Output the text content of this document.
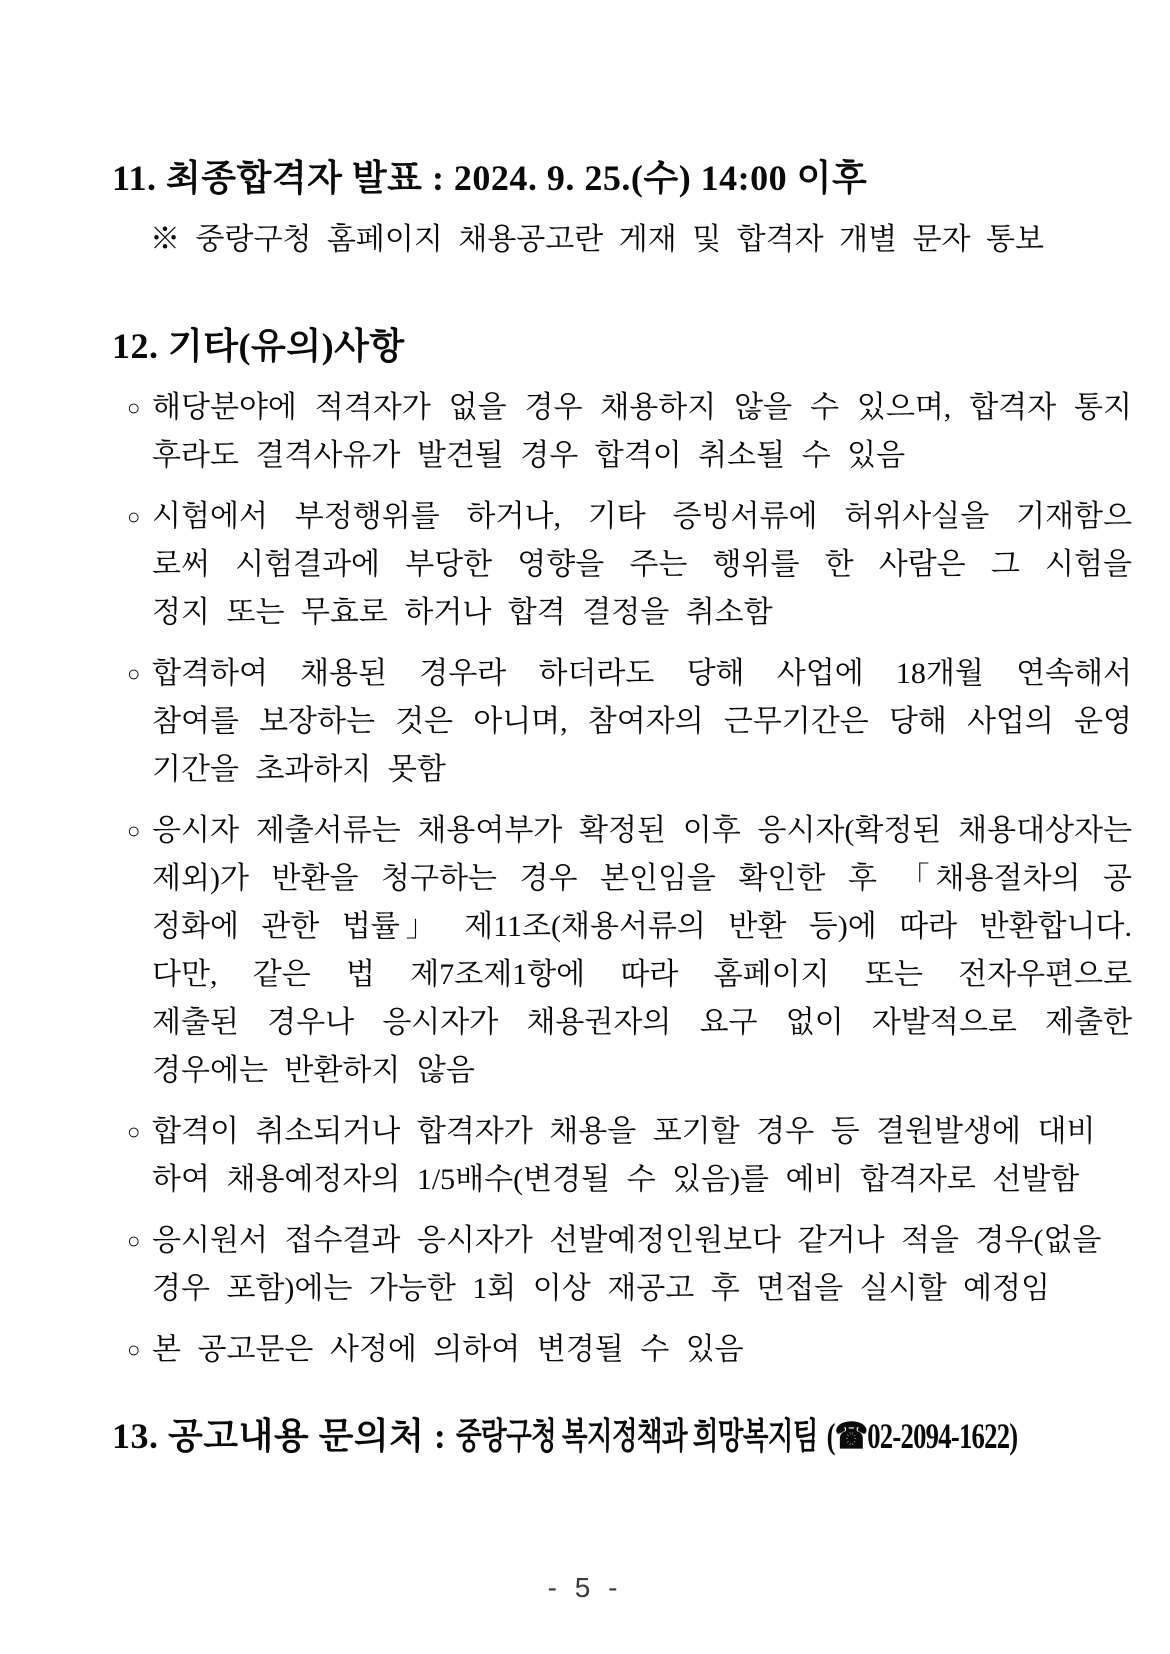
11. 최종합격자 발표 : 2024. 9. 25.(수) 14:00 이후
※ 중랑구청 홈페이지 채용공고란 게재 및 합격자 개별 문자 통보
12. 기타(유의)사항
○ 해당분야에 적격자가 없을 경우 채용하지 않을 수 있으며, 합격자 통지
후라도 결격사유가 발견될 경우 합격이 취소될 수 있음
○ 시험에서 부정행위를 하거나, 기타 증빙서류에 허위사실을 기재함으
로써 시험결과에 부당한 영향을 주는 행위를 한 사람은 그 시험을
정지 또는 무효로 하거나 합격 결정을 취소함
○ 합격하여 채용된 경우라 하더라도 당해 사업에 18개월 연속해서
참여를 보장하는 것은 아니며, 참여자의 근무기간은 당해 사업의 운영
기간을 초과하지 못함
○ 응시자 제출서류는 채용여부가 확정된 이후 응시자(확정된 채용대상자는
제외)가 반환을 청구하는 경우 본인임을 확인한 후 「채용절차의 공
정화에 관한 법률」 제11조(채용서류의 반환 등)에 따라 반환합니다.
다만, 같은 법 제7조제1항에 따라 홈페이지 또는 전자우편으로
제출된 경우나 응시자가 채용권자의 요구 없이 자발적으로 제출한
경우에는 반환하지 않음
○ 합격이 취소되거나 합격자가 채용을 포기할 경우 등 결원발생에 대비
하여 채용예정자의 1/5배수(변경될 수 있음)를 예비 합격자로 선발함
○ 응시원서 접수결과 응시자가 선발예정인원보다 같거나 적을 경우(없을
경우 포함)에는 가능한 1회 이상 재공고 후 면접을 실시할 예정임
○ 본 공고문은 사정에 의하여 변경될 수 있음
13. 공고내용 문의처 : 중랑구청 복지정책과 희망복지팀 (☎02-2094-1622)
- 5 -
